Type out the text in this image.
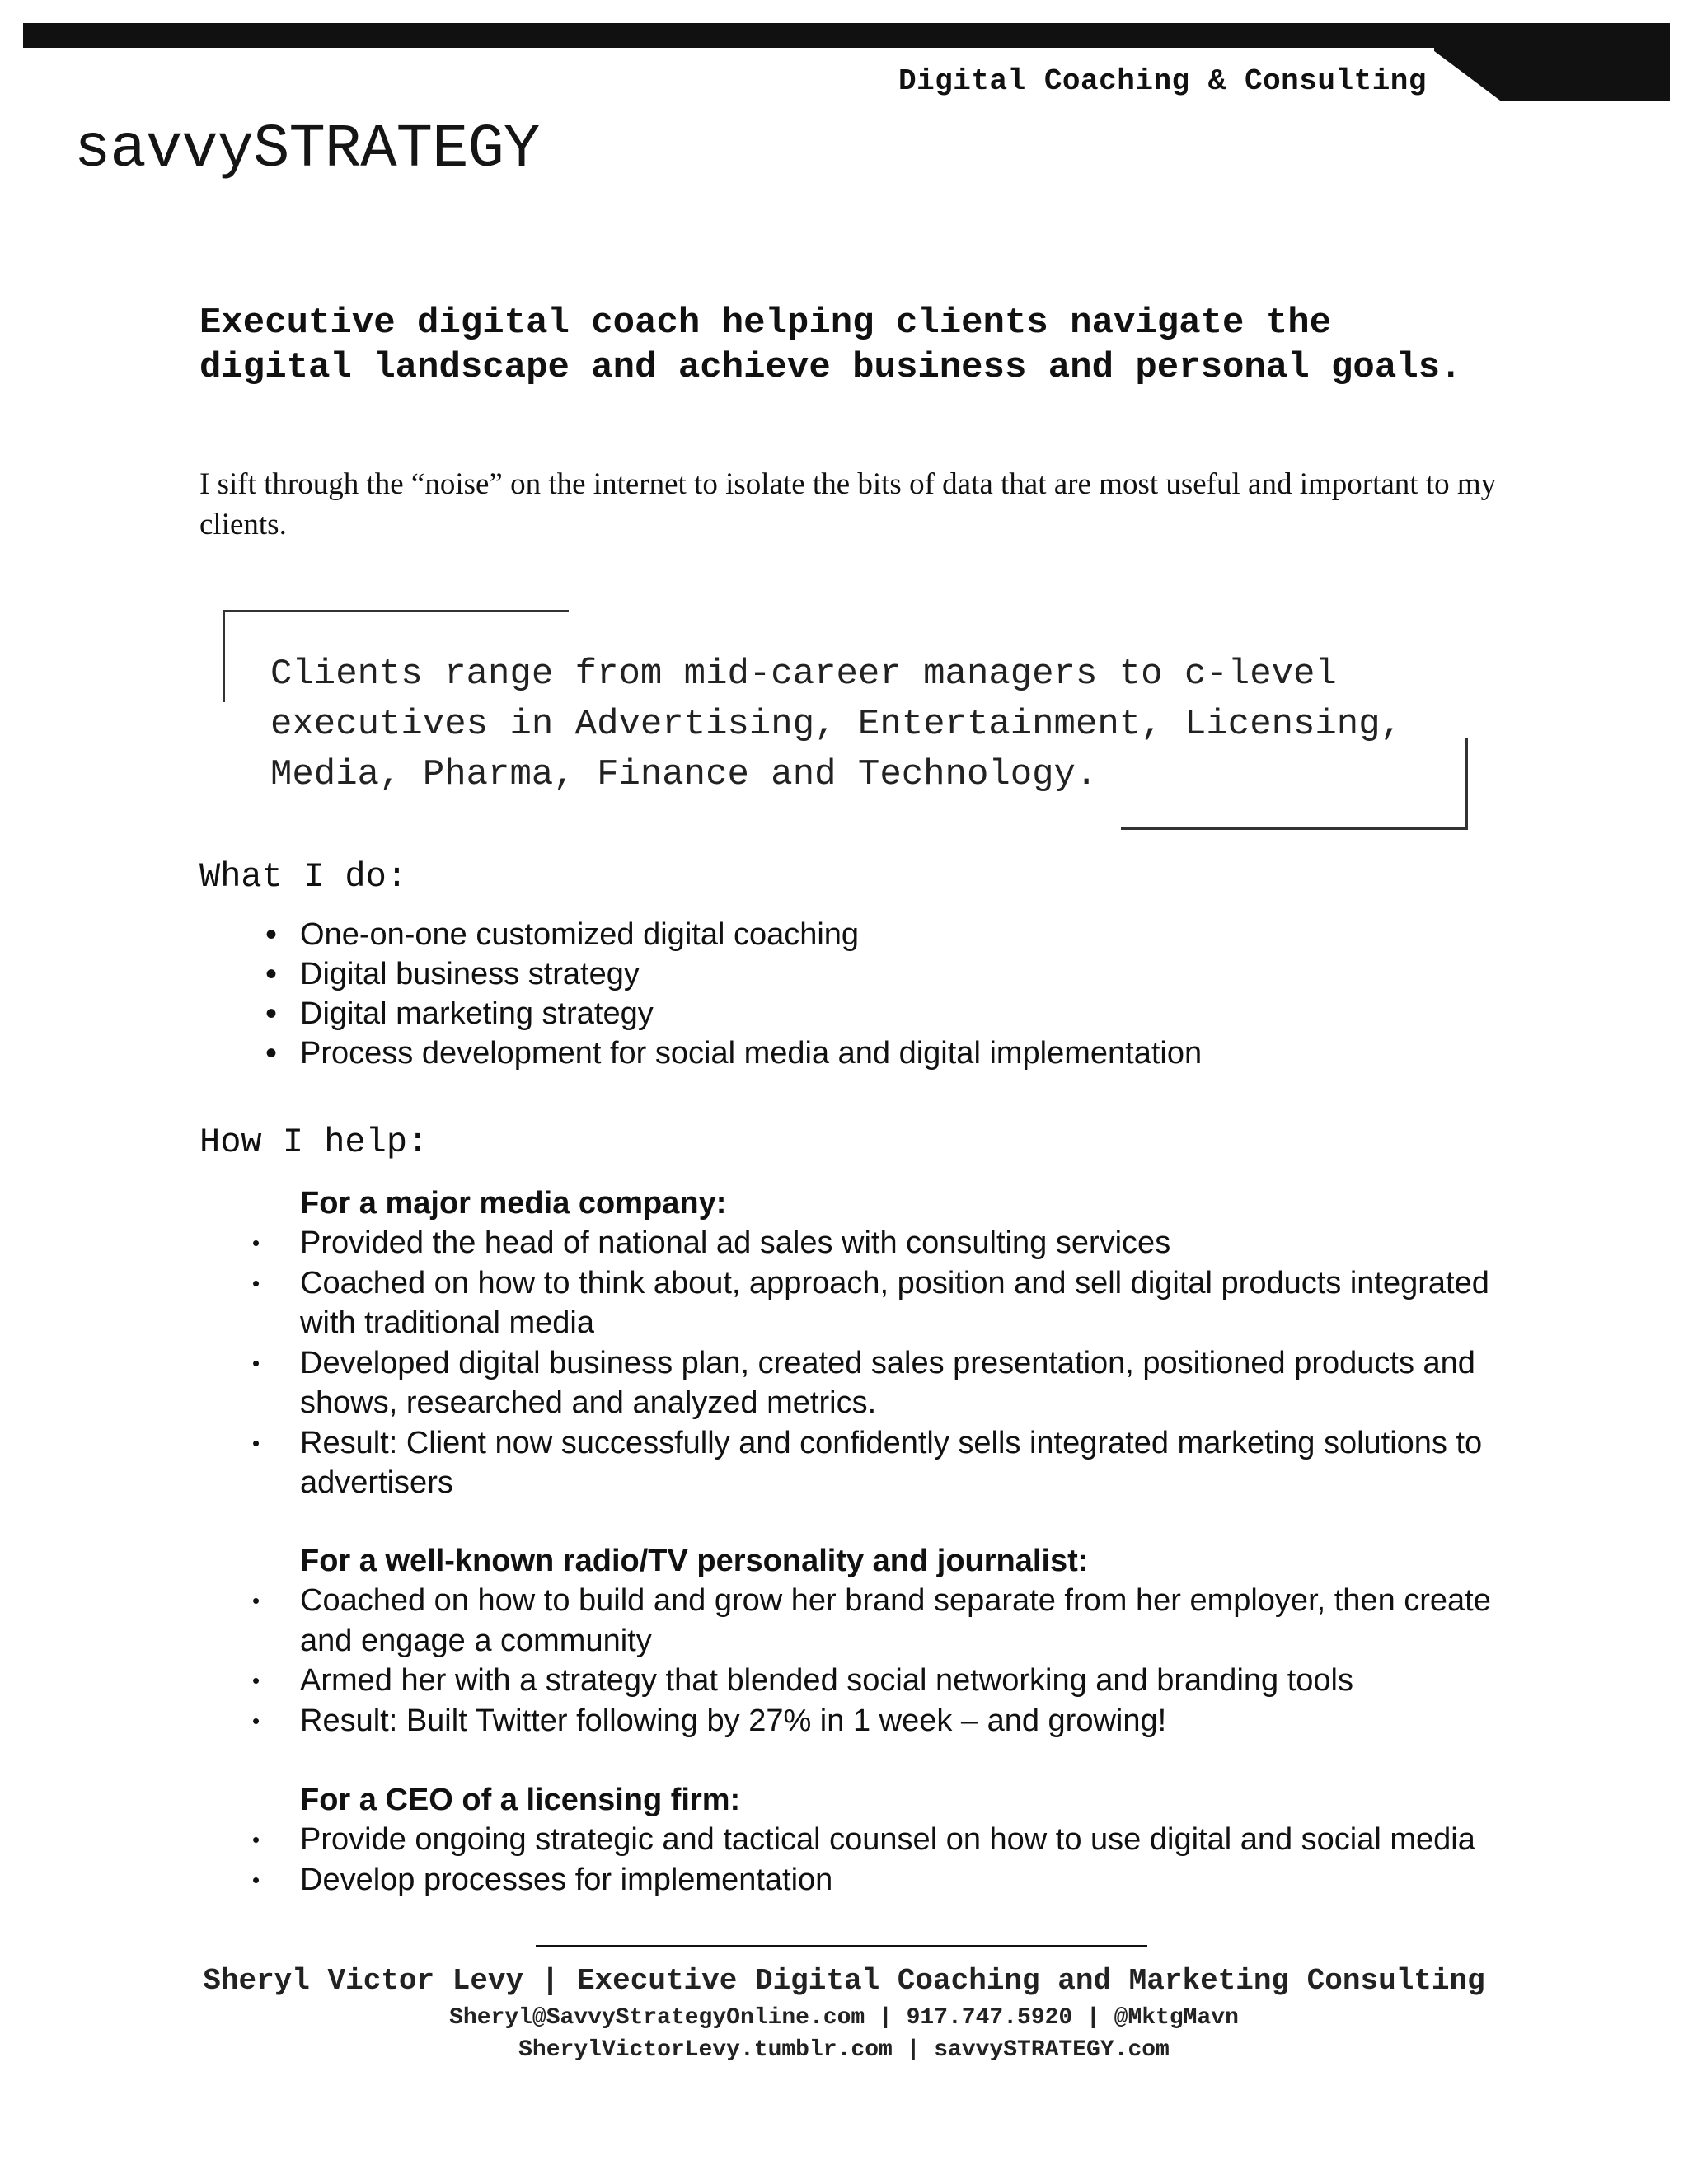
Digital Coaching & Consulting
savvySTRATEGY
Executive digital coach helping clients navigate the digital landscape and achieve business and personal goals.
I sift through the “noise” on the internet to isolate the bits of data that are most useful and important to my clients.
Clients range from mid-career managers to c-level executives in Advertising, Entertainment, Licensing, Media, Pharma, Finance and Technology.
What I do:
• One-on-one customized digital coaching
• Digital business strategy
• Digital marketing strategy
• Process development for social media and digital implementation
How I help:
For a major media company:
• Provided the head of national ad sales with consulting services
• Coached on how to think about, approach, position and sell digital products integrated with traditional media
• Developed digital business plan, created sales presentation, positioned products and shows, researched and analyzed metrics.
• Result: Client now successfully and confidently sells integrated marketing solutions to advertisers
For a well-known radio/TV personality and journalist:
• Coached on how to build and grow her brand separate from her employer, then create and engage a community
• Armed her with a strategy that blended social networking and branding tools
• Result: Built Twitter following by 27% in 1 week – and growing!
For a CEO of a licensing firm:
• Provide ongoing strategic and tactical counsel on how to use digital and social media
• Develop processes for implementation
Sheryl Victor Levy | Executive Digital Coaching and Marketing Consulting
Sheryl@SavvyStrategyOnline.com | 917.747.5920 | @MktgMavn
SherylVictorLevy.tumblr.com | savvySTRATEGY.com
